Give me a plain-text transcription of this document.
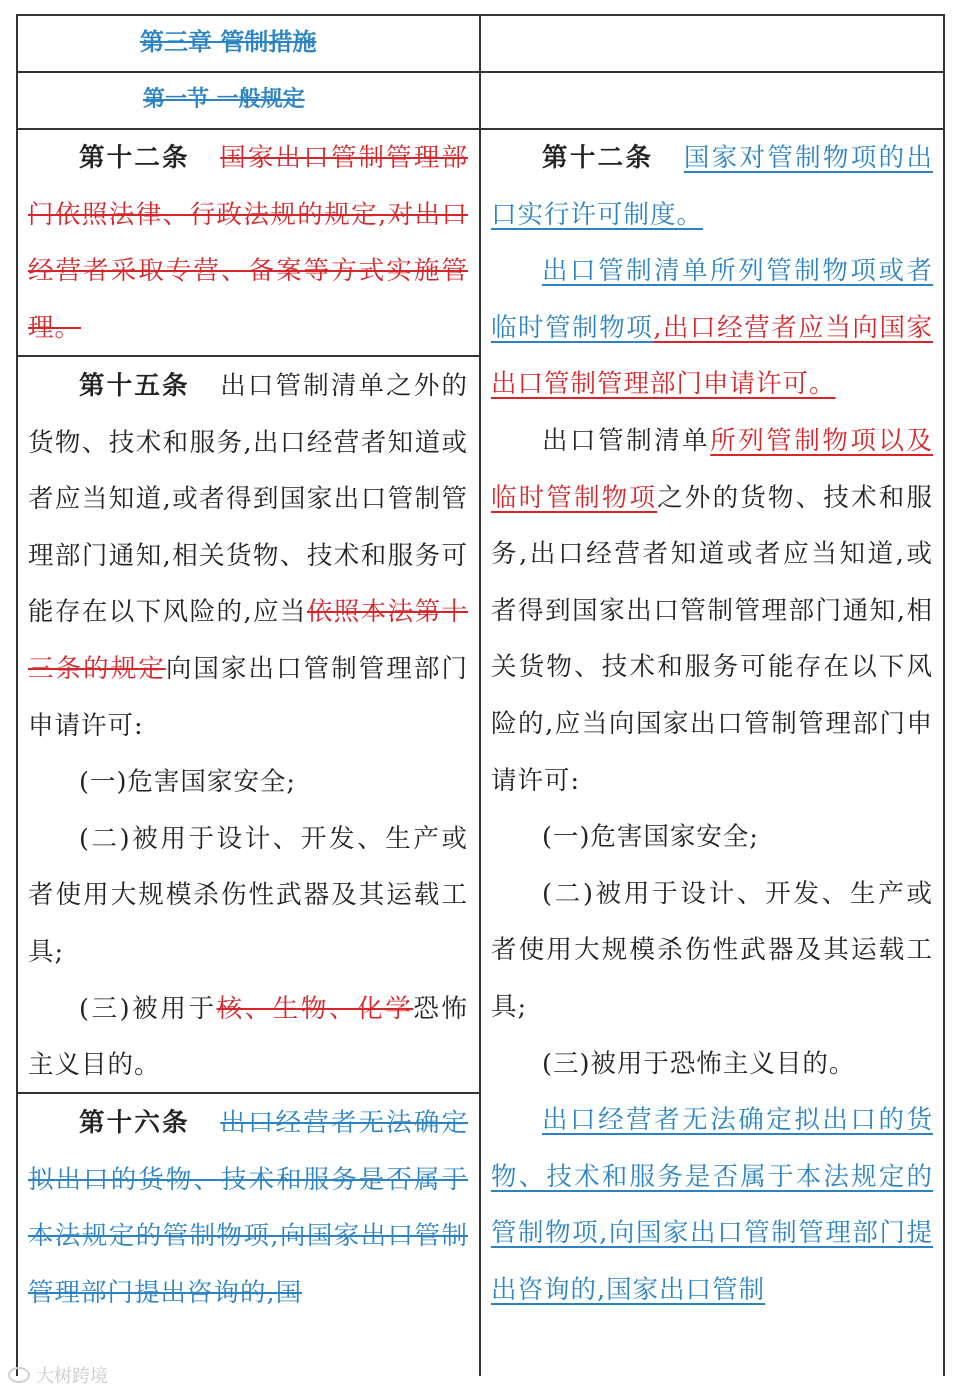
第三章 管制措施
第一节 一般规定

第十二条 国家出口管制管理部门依照法律、行政法规的规定,对出口经营者采取专营、备案等方式实施管理。

第十五条 出口管制清单之外的货物、技术和服务,出口经营者知道或者应当知道,或者得到国家出口管制管理部门通知,相关货物、技术和服务可能存在以下风险的,应当依照本法第十三条的规定向国家出口管制管理部门申请许可:

(一)危害国家安全;

(二)被用于设计、开发、生产或者使用大规模杀伤性武器及其运载工具;

(三)被用于核、生物、化学恐怖主义目的。

第十六条 出口经营者无法确定拟出口的货物、技术和服务是否属于本法规定的管制物项,向国家出口管制管理部门提出咨询的,国

第十二条 国家对管制物项的出口实行许可制度。

出口管制清单所列管制物项或者临时管制物项,出口经营者应当向国家出口管制管理部门申请许可。

出口管制清单所列管制物项以及临时管制物项之外的货物、技术和服务,出口经营者知道或者应当知道,或者得到国家出口管制管理部门通知,相关货物、技术和服务可能存在以下风险的,应当向国家出口管制管理部门申请许可:

(一)危害国家安全;

(二)被用于设计、开发、生产或者使用大规模杀伤性武器及其运载工具;

(三)被用于恐怖主义目的。

出口经营者无法确定拟出口的货物、技术和服务是否属于本法规定的管制物项,向国家出口管制管理部门提出咨询的,国家出口管制

大树跨境
